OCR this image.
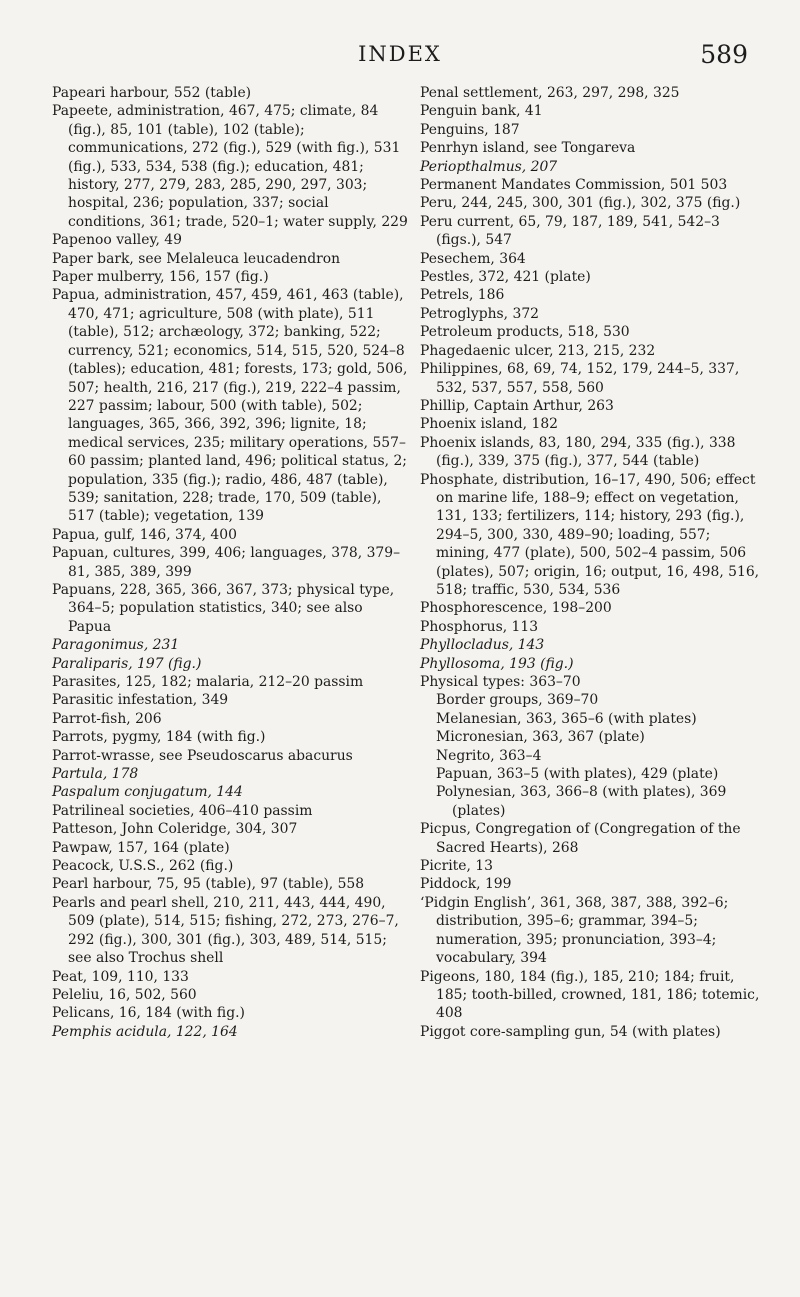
INDEX	589

Papeari harbour, 552 (table)

Papeete, administration, 467, 475; climate, 84 (fig.), 85, 101 (table), 102 (table); communications, 272 (fig.), 529 (with fig.), 531 (fig.), 533, 534, 538 (fig.); education, 481; history, 277, 279, 283, 285, 290, 297, 303; hospital, 236; population, 337; social conditions, 361; trade, 520–1; water supply, 229

Papenoo valley, 49

Paper bark, see Melaleuca leucadendron

Paper mulberry, 156, 157 (fig.)

Papua, administration, 457, 459, 461, 463 (table), 470, 471; agriculture, 508 (with plate), 511 (table), 512; archæology, 372; banking, 522; currency, 521; economics, 514, 515, 520, 524–8 (tables); education, 481; forests, 173; gold, 506, 507; health, 216, 217 (fig.), 219, 222–4 passim, 227 passim; labour, 500 (with table), 502; languages, 365, 366, 392, 396; lignite, 18; medical services, 235; military operations, 557–60 passim; planted land, 496; political status, 2; population, 335 (fig.); radio, 486, 487 (table), 539; sanitation, 228; trade, 170, 509 (table), 517 (table); vegetation, 139

Papua, gulf, 146, 374, 400

Papuan, cultures, 399, 406; languages, 378, 379–81, 385, 389, 399

Papuans, 228, 365, 366, 367, 373; physical type, 364–5; population statistics, 340; see also Papua

Paragonimus, 231

Paraliparis, 197 (fig.)

Parasites, 125, 182; malaria, 212–20 passim

Parasitic infestation, 349

Parrot-fish, 206

Parrots, pygmy, 184 (with fig.)

Parrot-wrasse, see Pseudoscarus abacurus

Partula, 178

Paspalum conjugatum, 144

Patrilineal societies, 406–410 passim

Patteson, John Coleridge, 304, 307

Pawpaw, 157, 164 (plate)

Peacock, U.S.S., 262 (fig.)

Pearl harbour, 75, 95 (table), 97 (table), 558

Pearls and pearl shell, 210, 211, 443, 444, 490, 509 (plate), 514, 515; fishing, 272, 273, 276–7, 292 (fig.), 300, 301 (fig.), 303, 489, 514, 515; see also Trochus shell

Peat, 109, 110, 133

Peleliu, 16, 502, 560

Pelicans, 16, 184 (with fig.)

Pemphis acidula, 122, 164

Penal settlement, 263, 297, 298, 325

Penguin bank, 41

Penguins, 187

Penrhyn island, see Tongareva

Periopthalmus, 207

Permanent Mandates Commission, 501 503

Peru, 244, 245, 300, 301 (fig.), 302, 375 (fig.)

Peru current, 65, 79, 187, 189, 541, 542–3 (figs.), 547

Pesechem, 364

Pestles, 372, 421 (plate)

Petrels, 186

Petroglyphs, 372

Petroleum products, 518, 530

Phagedaenic ulcer, 213, 215, 232

Philippines, 68, 69, 74, 152, 179, 244–5, 337, 532, 537, 557, 558, 560

Phillip, Captain Arthur, 263

Phoenix island, 182

Phoenix islands, 83, 180, 294, 335 (fig.), 338 (fig.), 339, 375 (fig.), 377, 544 (table)

Phosphate, distribution, 16–17, 490, 506; effect on marine life, 188–9; effect on vegetation, 131, 133; fertilizers, 114; history, 293 (fig.), 294–5, 300, 330, 489–90; loading, 557; mining, 477 (plate), 500, 502–4 passim, 506 (plates), 507; origin, 16; output, 16, 498, 516, 518; traffic, 530, 534, 536

Phosphorescence, 198–200

Phosphorus, 113

Phyllocladus, 143

Phyllosoma, 193 (fig.)

Physical types: 363–70

Border groups, 369–70

Melanesian, 363, 365–6 (with plates)

Micronesian, 363, 367 (plate)

Negrito, 363–4

Papuan, 363–5 (with plates), 429 (plate)

Polynesian, 363, 366–8 (with plates), 369 (plates)

Picpus, Congregation of (Congregation of the Sacred Hearts), 268

Picrite, 13

Piddock, 199

‘Pidgin English’, 361, 368, 387, 388, 392–6; distribution, 395–6; grammar, 394–5; numeration, 395; pronunciation, 393–4; vocabulary, 394

Pigeons, 180, 184 (fig.), 185, 210; 184; fruit, 185; tooth-billed, crowned, 181, 186; totemic, 408

Piggot core-sampling gun, 54 (with plates)
